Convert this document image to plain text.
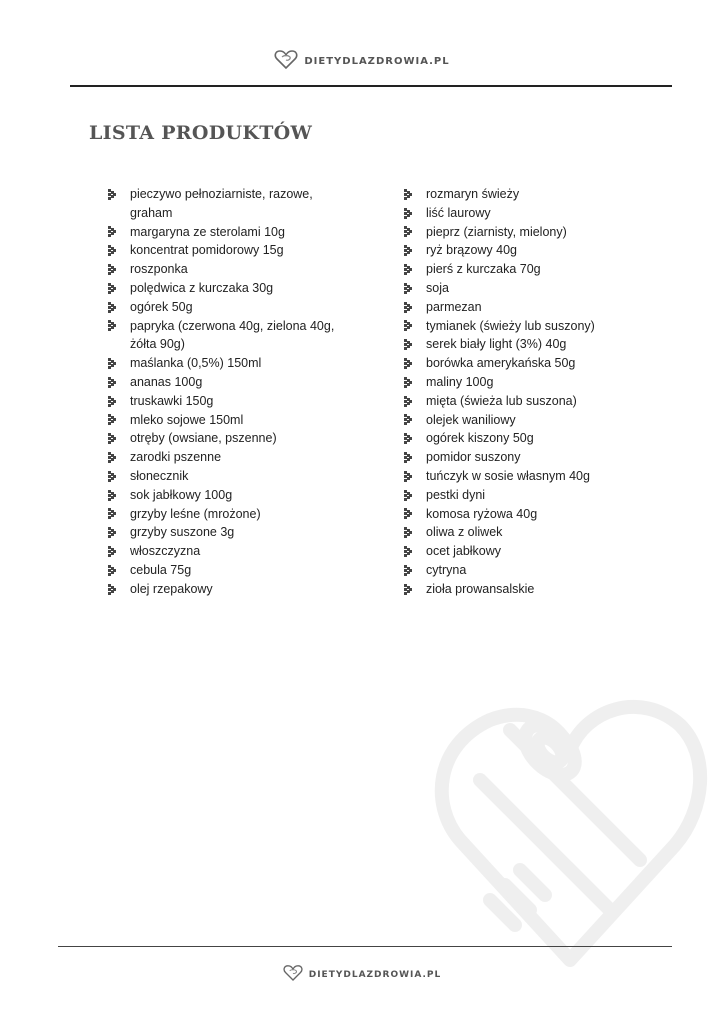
DIETYDLAZDROWIA.PL
LISTA PRODUKTÓW
pieczywo pełnoziarniste, razowe, graham
margaryna ze sterolami 10g
koncentrat pomidorowy 15g
roszponka
polędwica z kurczaka 30g
ogórek 50g
papryka (czerwona 40g, zielona 40g, żółta 90g)
maślanka (0,5%) 150ml
ananas 100g
truskawki 150g
mleko sojowe 150ml
otręby (owsiane, pszenne)
zarodki pszenne
słonecznik
sok jabłkowy 100g
grzyby leśne (mrożone)
grzyby suszone 3g
włoszczyzna
cebula 75g
olej rzepakowy
rozmaryn świeży
liść laurowy
pieprz (ziarnisty, mielony)
ryż brązowy 40g
pierś z kurczaka 70g
soja
parmezan
tymianek (świeży lub suszony)
serek biały light (3%) 40g
borówka amerykańska 50g
maliny 100g
mięta (świeża lub suszona)
olejek waniliowy
ogórek kiszony 50g
pomidor suszony
tuńczyk w sosie własnym 40g
pestki dyni
komosa ryżowa 40g
oliwa z oliwek
ocet jabłkowy
cytryna
zioła prowansalskie
DIETYDLAZDROWIA.PL
